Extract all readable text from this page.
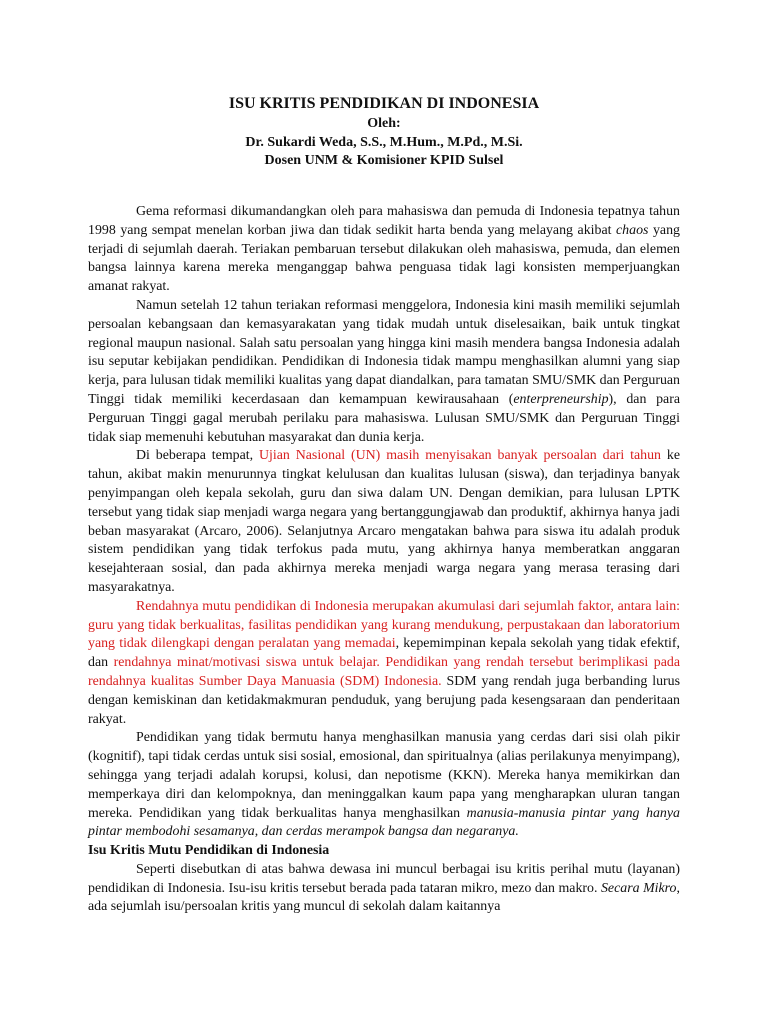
ISU KRITIS PENDIDIKAN DI INDONESIA
Oleh:
Dr. Sukardi Weda, S.S., M.Hum., M.Pd., M.Si.
Dosen UNM & Komisioner KPID Sulsel

Gema reformasi dikumandangkan oleh para mahasiswa dan pemuda di Indonesia tepatnya tahun 1998 yang sempat menelan korban jiwa dan tidak sedikit harta benda yang melayang akibat chaos yang terjadi di sejumlah daerah. Teriakan pembaruan tersebut dilakukan oleh mahasiswa, pemuda, dan elemen bangsa lainnya karena mereka menganggap bahwa penguasa tidak lagi konsisten memperjuangkan amanat rakyat.

Namun setelah 12 tahun teriakan reformasi menggelora, Indonesia kini masih memiliki sejumlah persoalan kebangsaan dan kemasyarakatan yang tidak mudah untuk diselesaikan, baik untuk tingkat regional maupun nasional. Salah satu persoalan yang hingga kini masih mendera bangsa Indonesia adalah isu seputar kebijakan pendidikan. Pendidikan di Indonesia tidak mampu menghasilkan alumni yang siap kerja, para lulusan tidak memiliki kualitas yang dapat diandalkan, para tamatan SMU/SMK dan Perguruan Tinggi tidak memiliki kecerdasaan dan kemampuan kewirausahaan (enterpreneurship), dan para Perguruan Tinggi gagal merubah perilaku para mahasiswa. Lulusan SMU/SMK dan Perguruan Tinggi tidak siap memenuhi kebutuhan masyarakat dan dunia kerja.

Di beberapa tempat, Ujian Nasional (UN) masih menyisakan banyak persoalan dari tahun ke tahun, akibat makin menurunnya tingkat kelulusan dan kualitas lulusan (siswa), dan terjadinya banyak penyimpangan oleh kepala sekolah, guru dan siwa dalam UN. Dengan demikian, para lulusan LPTK tersebut yang tidak siap menjadi warga negara yang bertanggungjawab dan produktif, akhirnya hanya jadi beban masyarakat (Arcaro, 2006). Selanjutnya Arcaro mengatakan bahwa para siswa itu adalah produk sistem pendidikan yang tidak terfokus pada mutu, yang akhirnya hanya memberatkan anggaran kesejahteraan sosial, dan pada akhirnya mereka menjadi warga negara yang merasa terasing dari masyarakatnya.

Rendahnya mutu pendidikan di Indonesia merupakan akumulasi dari sejumlah faktor, antara lain: guru yang tidak berkualitas, fasilitas pendidikan yang kurang mendukung, perpustakaan dan laboratorium yang tidak dilengkapi dengan peralatan yang memadai, kepemimpinan kepala sekolah yang tidak efektif, dan rendahnya minat/motivasi siswa untuk belajar. Pendidikan yang rendah tersebut berimplikasi pada rendahnya kualitas Sumber Daya Manuasia (SDM) Indonesia. SDM yang rendah juga berbanding lurus dengan kemiskinan dan ketidakmakmuran penduduk, yang berujung pada kesengsaraan dan penderitaan rakyat.

Pendidikan yang tidak bermutu hanya menghasilkan manusia yang cerdas dari sisi olah pikir (kognitif), tapi tidak cerdas untuk sisi sosial, emosional, dan spiritualnya (alias perilakunya menyimpang), sehingga yang terjadi adalah korupsi, kolusi, dan nepotisme (KKN). Mereka hanya memikirkan dan memperkaya diri dan kelompoknya, dan meninggalkan kaum papa yang mengharapkan uluran tangan mereka. Pendidikan yang tidak berkualitas hanya menghasilkan manusia-manusia pintar yang hanya pintar membodohi sesamanya, dan cerdas merampok bangsa dan negaranya.

Isu Kritis Mutu Pendidikan di Indonesia

Seperti disebutkan di atas bahwa dewasa ini muncul berbagai isu kritis perihal mutu (layanan) pendidikan di Indonesia. Isu-isu kritis tersebut berada pada tataran mikro, mezo dan makro. Secara Mikro, ada sejumlah isu/persoalan kritis yang muncul di sekolah dalam kaitannya
